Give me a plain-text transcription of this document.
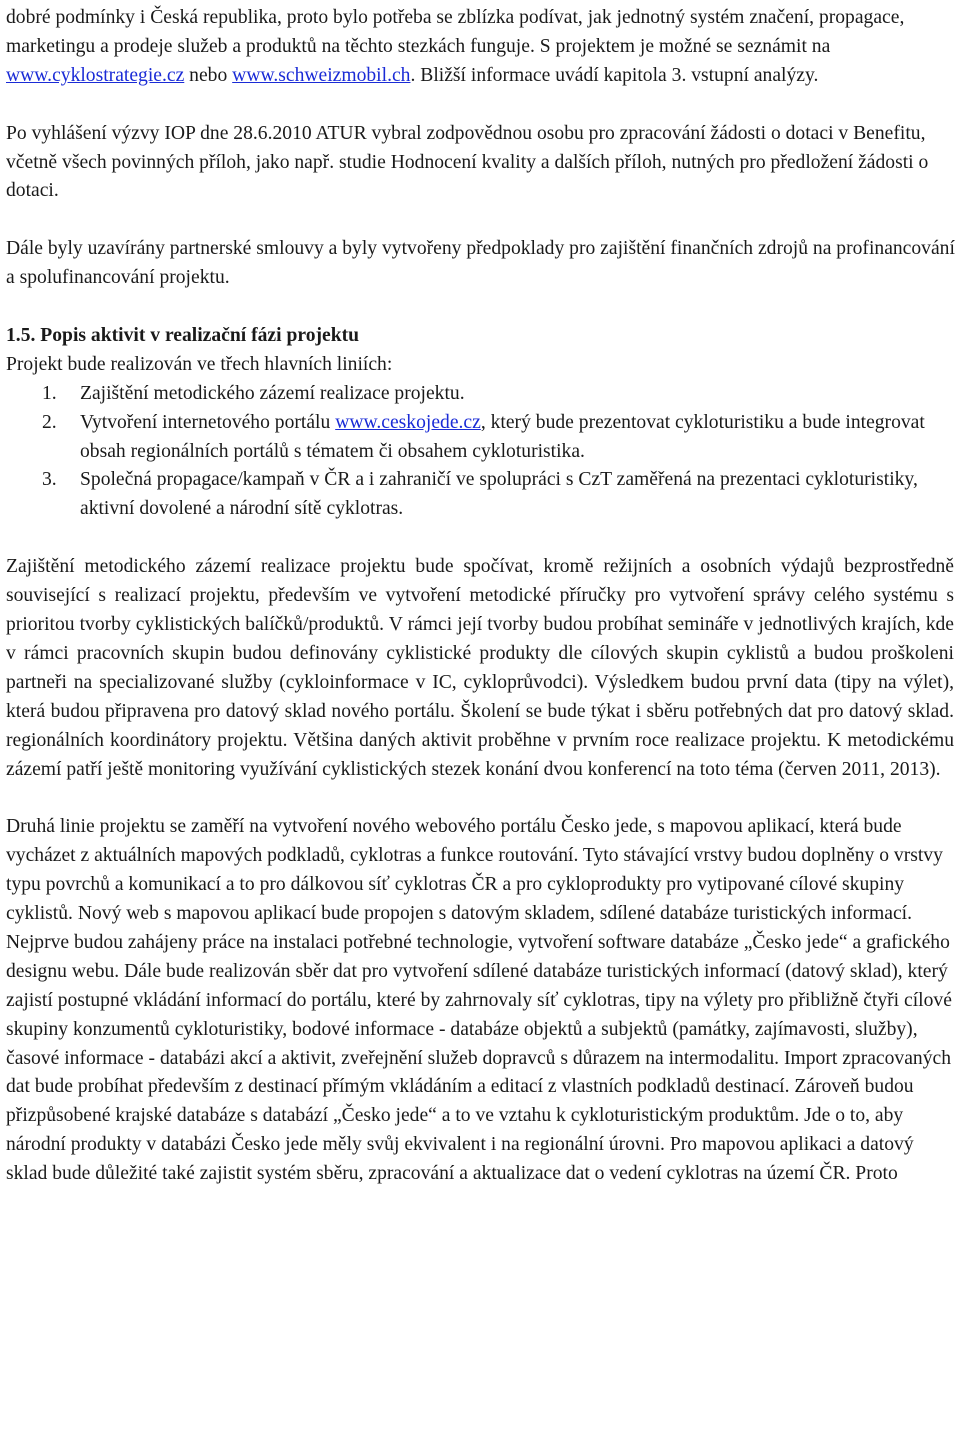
dobré podmínky i Česká republika, proto bylo potřeba se zblízka podívat, jak jednotný systém značení, propagace, marketingu a prodeje služeb a produktů na těchto stezkách funguje. S projektem je možné se seznámit na www.cyklostrategie.cz nebo www.schweizmobil.ch. Bližší informace uvádí kapitola 3. vstupní analýzy.

Po vyhlášení výzvy IOP dne 28.6.2010 ATUR vybral zodpovědnou osobu pro zpracování žádosti o dotaci v Benefitu, včetně všech povinných příloh, jako např. studie Hodnocení kvality a dalších příloh, nutných pro předložení žádosti o dotaci.

Dále byly uzavírány partnerské smlouvy a byly vytvořeny předpoklady pro zajištění finančních zdrojů na profinancování a spolufinancování projektu.

1.5. Popis aktivit v realizační fázi projektu

Projekt bude realizován ve třech hlavních liniích:

1. Zajištění metodického zázemí realizace projektu.
2. Vytvoření internetového portálu www.ceskojede.cz, který bude prezentovat cykloturistiku a bude integrovat obsah regionálních portálů s tématem či obsahem cykloturistika.
3. Společná propagace/kampaň v ČR a i zahraničí ve spolupráci s CzT zaměřená na prezentaci cykloturistiky, aktivní dovolené a národní sítě cyklotras.

Zajištění metodického zázemí realizace projektu bude spočívat, kromě režijních a osobních výdajů bezprostředně související s realizací projektu, především ve vytvoření metodické příručky pro vytvoření správy celého systému s prioritou tvorby cyklistických balíčků/produktů. V rámci její tvorby budou probíhat semináře v jednotlivých krajích, kde v rámci pracovních skupin budou definovány cyklistické produkty dle cílových skupin cyklistů a budou proškoleni partneři na specializované služby (cykloinformace v IC, cykloprůvodci). Výsledkem budou první data (tipy na výlet), která budou připravena pro datový sklad nového portálu. Školení se bude týkat i sběru potřebných dat pro datový sklad. regionálních koordinátory projektu. Většina daných aktivit proběhne v prvním roce realizace projektu. K metodickému zázemí patří ještě monitoring využívání cyklistických stezek konání dvou konferencí na toto téma (červen 2011, 2013).

Druhá linie projektu se zaměří na vytvoření nového webového portálu Česko jede, s mapovou aplikací, která bude vycházet z aktuálních mapových podkladů, cyklotras a funkce routování. Tyto stávající vrstvy budou doplněny o vrstvy typu povrchů a komunikací a to pro dálkovou síť cyklotras ČR a pro cykloprodukty pro vytipované cílové skupiny cyklistů. Nový web s mapovou aplikací bude propojen s datovým skladem, sdílené databáze turistických informací. Nejprve budou zahájeny práce na instalaci potřebné technologie, vytvoření software databáze „Česko jede“ a grafického designu webu. Dále bude realizován sběr dat pro vytvoření sdílené databáze turistických informací (datový sklad), který zajistí postupné vkládání informací do portálu, které by zahrnovaly síť cyklotras, tipy na výlety pro přibližně čtyři cílové skupiny konzumentů cykloturistiky, bodové informace - databáze objektů a subjektů (památky, zajímavosti, služby), časové informace - databázi akcí a aktivit, zveřejnění služeb dopravců s důrazem na intermodalitu. Import zpracovaných dat bude probíhat především z destinací přímým vkládáním a editací z vlastních podkladů destinací. Zároveň budou přizpůsobené krajské databáze s databází „Česko jede“ a to ve vztahu k cykloturistickým produktům. Jde o to, aby národní produkty v databázi Česko jede měly svůj ekvivalent i na regionální úrovni. Pro mapovou aplikaci a datový sklad bude důležité také zajistit systém sběru, zpracování a aktualizace dat o vedení cyklotras na území ČR. Proto
